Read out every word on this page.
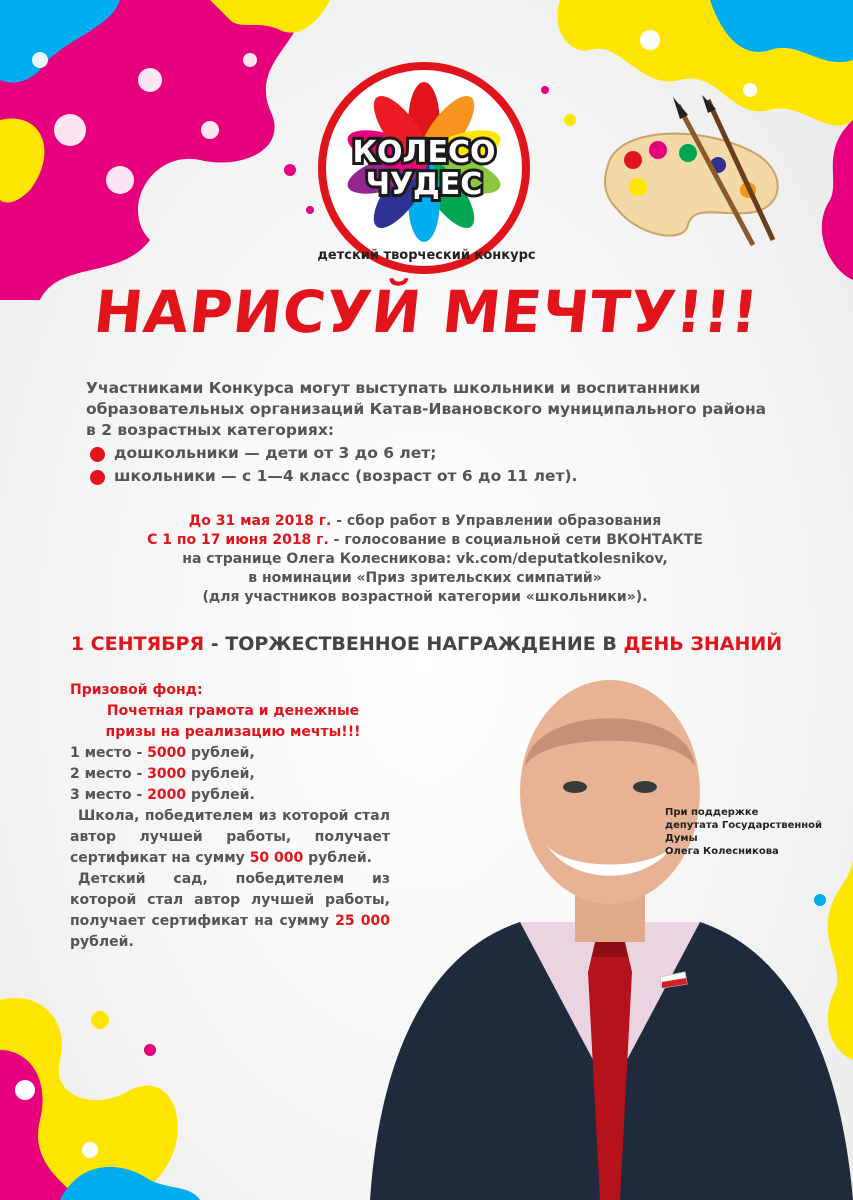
КОЛЕСО
ЧУДЕС
детский творческий конкурс
НАРИСУЙ МЕЧТУ!!!

Участниками Конкурса могут выступать школьники и воспитанники

образовательных организаций Катав-Ивановского муниципального района

в 2 возрастных категориях:

дошкольники — дети от 3 до 6 лет;
школьники — с 1—4 класс (возраст от 6 до 11 лет).

До 31 мая 2018 г. - сбор работ в Управлении образования

С 1 по 17 июня 2018 г. - голосование в социальной сети ВКОНТАКТЕ

на странице Олега Колесникова: vk.com/deputatkolesnikov,

в номинации «Приз зрительских симпатий»

(для участников возрастной категории «школьники»).

1 СЕНТЯБРЯ - ТОРЖЕСТВЕННОЕ НАГРАЖДЕНИЕ В ДЕНЬ ЗНАНИЙ

Призовой фонд:

Почетная грамота и денежные

призы на реализацию мечты!!!

1 место - 5000 рублей,

2 место - 3000 рублей,

3 место - 2000 рублей.

Школа, победителем из которой стал автор лучшей работы, получает сертификат на сумму 50 000 рублей.

Детский сад, победителем из которой стал автор лучшей работы, получает сертификат на сумму 25 000 рублей.

При поддержке
депутата Государственной
Думы
Олега Колесникова
